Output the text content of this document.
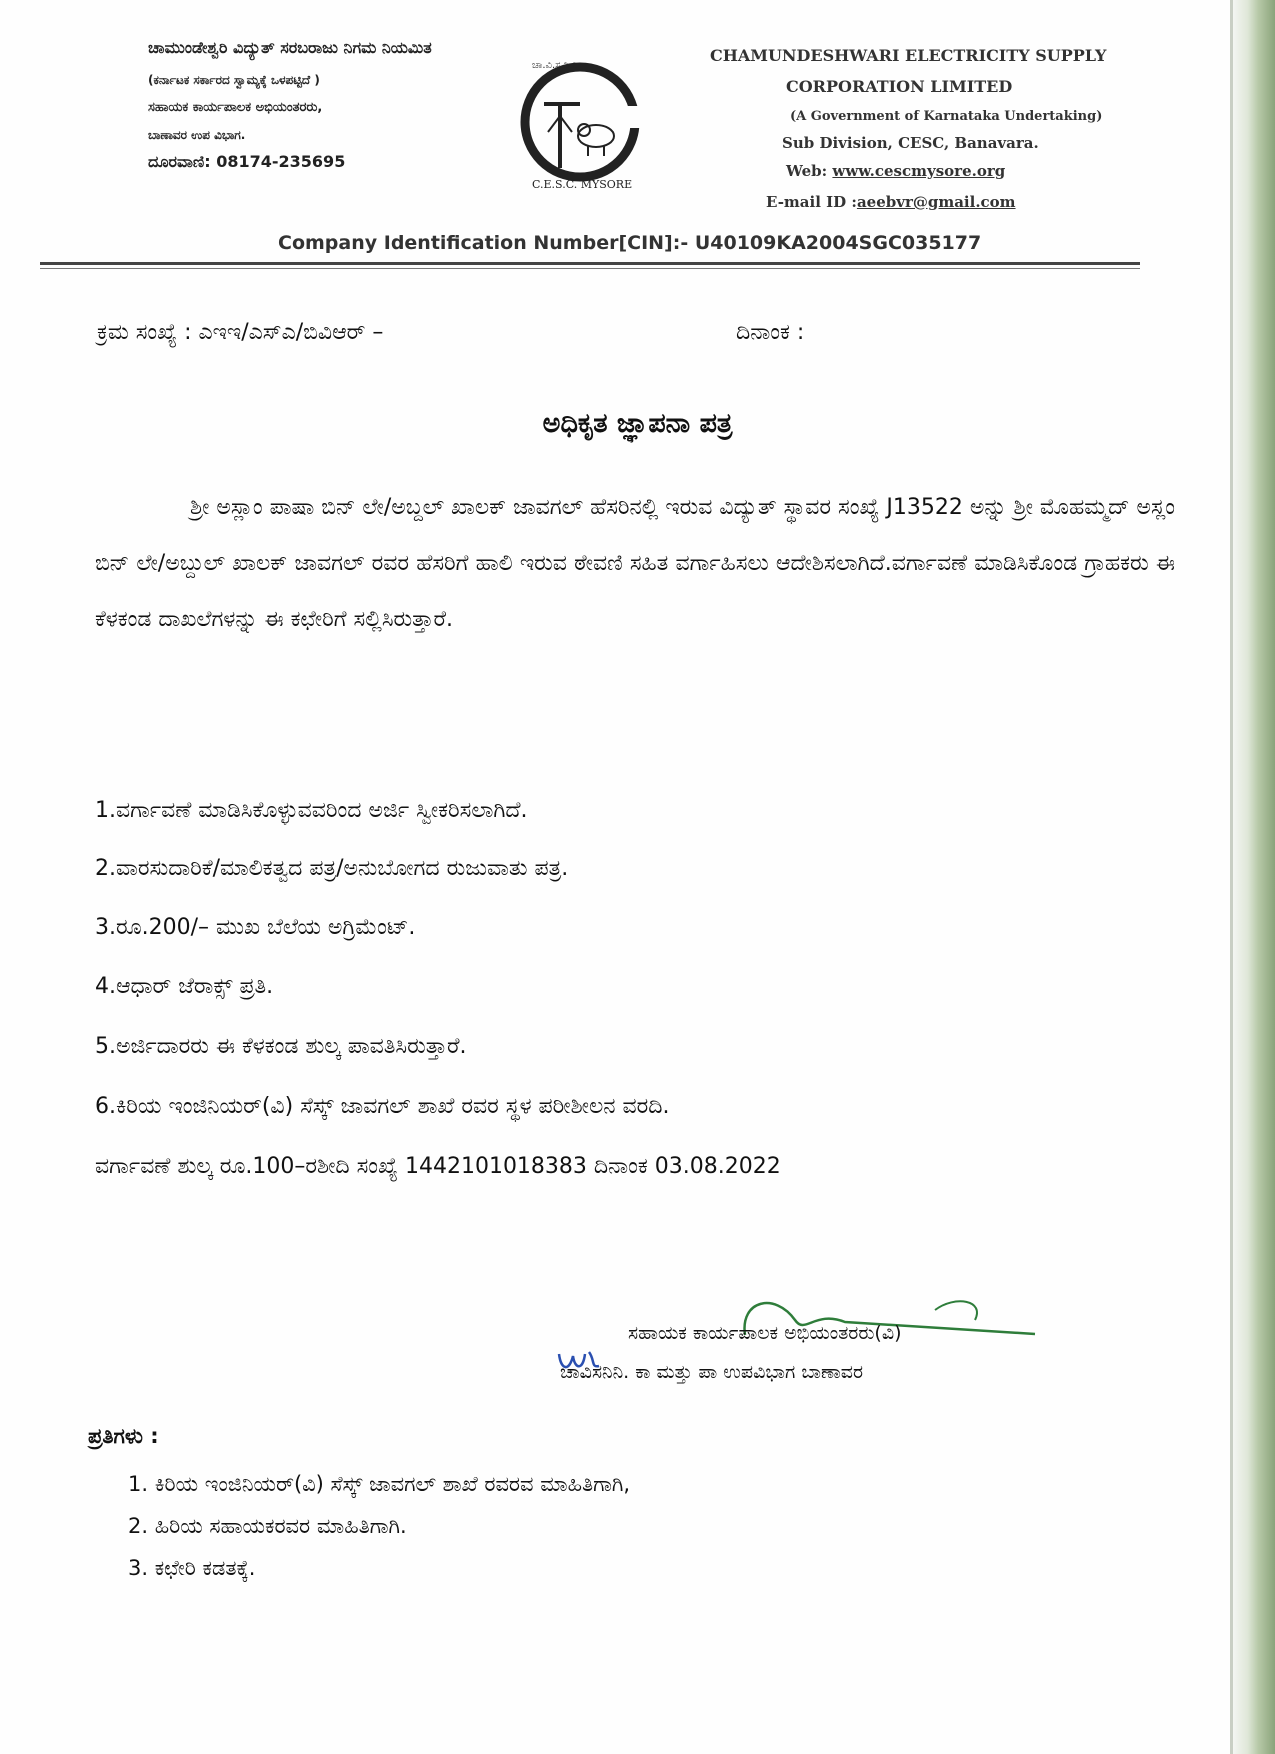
ಚಾಮುಂಡೇಶ್ವರಿ ವಿದ್ಯುತ್ ಸರಬರಾಜು ನಿಗಮ ನಿಯಮಿತ
(ಕರ್ನಾಟಕ ಸರ್ಕಾರದ ಸ್ವಾಮ್ಯಕ್ಕೆ ಒಳಪಟ್ಟಿದೆ )
ಸಹಾಯಕ ಕಾರ್ಯಪಾಲಕ ಅಭಿಯಂತರರು,
ಬಾಣಾವರ ಉಪ ವಿಭಾಗ.
ದೂರವಾಣಿ: 08174-235695
ಚಾ.ವಿ.ಸ.ನಿ.ನಿ.
C.E.S.C. MYSORE
CHAMUNDESHWARI ELECTRICITY SUPPLY
CORPORATION LIMITED
(A Government of Karnataka Undertaking)
Sub Division, CESC, Banavara.
Web: www.cescmysore.org
E-mail ID :aeebvr@gmail.com
Company Identification Number[CIN]:- U40109KA2004SGC035177
ಕ್ರಮ ಸಂಖ್ಯೆ : ಎಇಇ/ಎಸ್ಎ/ಬಿವಿಆರ್ –	ದಿನಾಂಕ :
ಅಧಿಕೃತ ಜ್ಞಾಪನಾ ಪತ್ರ
ಶ್ರೀ ಅಸ್ಲಾಂ ಪಾಷಾ ಬಿನ್ ಲೇ/ಅಬ್ದಲ್ ಖಾಲಕ್ ಜಾವಗಲ್ ಹೆಸರಿನಲ್ಲಿ ಇರುವ ವಿದ್ಯುತ್ ಸ್ಥಾವರ ಸಂಖ್ಯೆ J13522 ಅನ್ನು ಶ್ರೀ ಮೊಹಮ್ಮದ್ ಅಸ್ಲಂ ಬಿನ್ ಲೇ/ಅಬ್ದುಲ್ ಖಾಲಕ್ ಜಾವಗಲ್ ರವರ ಹೆಸರಿಗೆ ಹಾಲಿ ಇರುವ ಠೇವಣಿ ಸಹಿತ ವರ್ಗಾಹಿಸಲು ಆದೇಶಿಸಲಾಗಿದೆ.ವರ್ಗಾವಣೆ ಮಾಡಿಸಿಕೊಂಡ ಗ್ರಾಹಕರು ಈ ಕೆಳಕಂಡ ದಾಖಲೆಗಳನ್ನು ಈ ಕಛೇರಿಗೆ ಸಲ್ಲಿಸಿರುತ್ತಾರೆ.
1.ವರ್ಗಾವಣೆ ಮಾಡಿಸಿಕೊಳ್ಳುವವರಿಂದ ಅರ್ಜಿ ಸ್ವೀಕರಿಸಲಾಗಿದೆ.
2.ವಾರಸುದಾರಿಕೆ/ಮಾಲಿಕತ್ವದ ಪತ್ರ/ಅನುಬೋಗದ ರುಜುವಾತು ಪತ್ರ.
3.ರೂ.200/– ಮುಖ ಬೆಲೆಯ ಅಗ್ರಿಮೆಂಟ್.
4.ಆಧಾರ್ ಜೆರಾಕ್ಸ್ ಪ್ರತಿ.
5.ಅರ್ಜಿದಾರರು ಈ ಕೆಳಕಂಡ ಶುಲ್ಕ ಪಾವತಿಸಿರುತ್ತಾರೆ.
6.ಕಿರಿಯ ಇಂಜಿನಿಯರ್(ವಿ) ಸೆಸ್ಕ್ ಜಾವಗಲ್ ಶಾಖೆ ರವರ ಸ್ಥಳ ಪರೀಶೀಲನ ವರದಿ.
ವರ್ಗಾವಣೆ ಶುಲ್ಕ ರೂ.100–ರಶೀದಿ ಸಂಖ್ಯೆ 1442101018383 ದಿನಾಂಕ 03.08.2022
ಸಹಾಯಕ ಕಾರ್ಯಪಾಲಕ ಅಭಿಯಂತರರು(ವಿ)
ಚಾವಿಸನಿನಿ. ಕಾ ಮತ್ತು ಪಾ ಉಪವಿಭಾಗ ಬಾಣಾವರ
ಪ್ರತಿಗಳು :
1. ಕಿರಿಯ ಇಂಜಿನಿಯರ್(ವಿ) ಸೆಸ್ಕ್ ಜಾವಗಲ್ ಶಾಖೆ ರವರವ ಮಾಹಿತಿಗಾಗಿ,
2. ಹಿರಿಯ ಸಹಾಯಕರವರ ಮಾಹಿತಿಗಾಗಿ.
3. ಕಛೇರಿ ಕಡತಕ್ಕೆ.
